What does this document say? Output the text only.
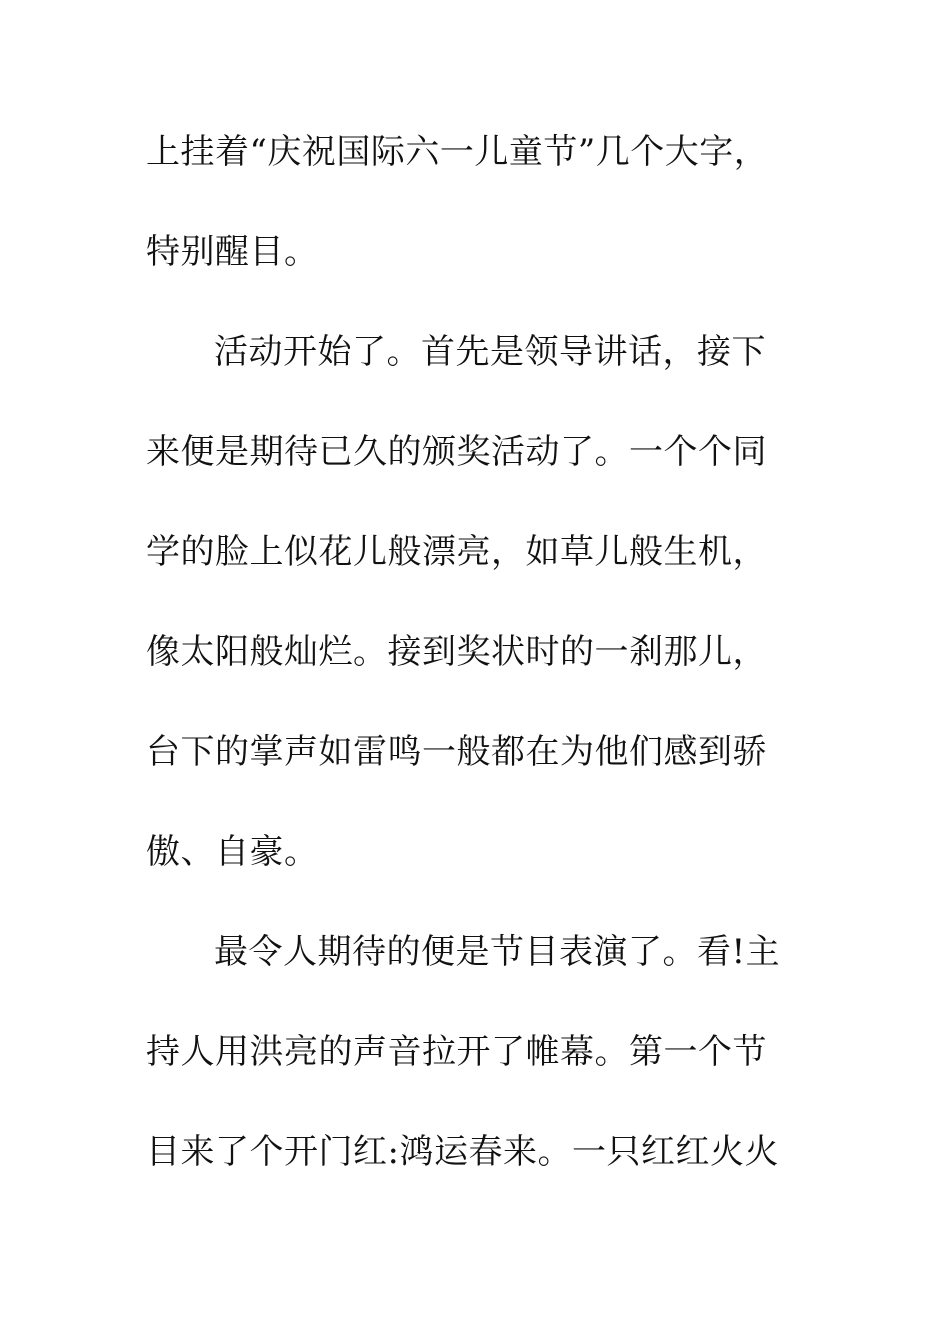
上挂着“庆祝国际六一儿童节”几个大字，
特别醒目。
活动开始了。首先是领导讲话，接下
来便是期待已久的颁奖活动了。一个个同
学的脸上似花儿般漂亮，如草儿般生机，
像太阳般灿烂。接到奖状时的一刹那儿，
台下的掌声如雷鸣一般都在为他们感到骄
傲、自豪。
最令人期待的便是节目表演了。看!主
持人用洪亮的声音拉开了帷幕。第一个节
目来了个开门红:鸿运春来。一只红红火火
